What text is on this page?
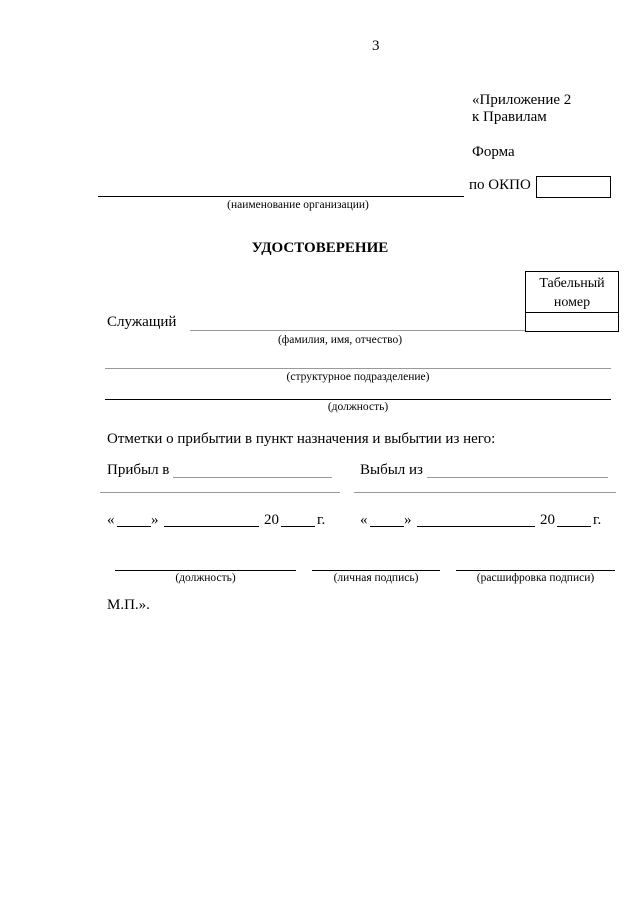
3
«Приложение 2
к Правилам
Форма
по ОКПО
(наименование организации)
УДОСТОВЕРЕНИЕ
Табельный
номер
Служащий
(фамилия, имя, отчество)
(структурное подразделение)
(должность)
Отметки о прибытии в пункт назначения и выбытии из него:
Прибыл в	Выбыл из
« »	20	г. « »	20	г.
(должность)	(личная подпись)	(расшифровка подписи)
М.П.».
